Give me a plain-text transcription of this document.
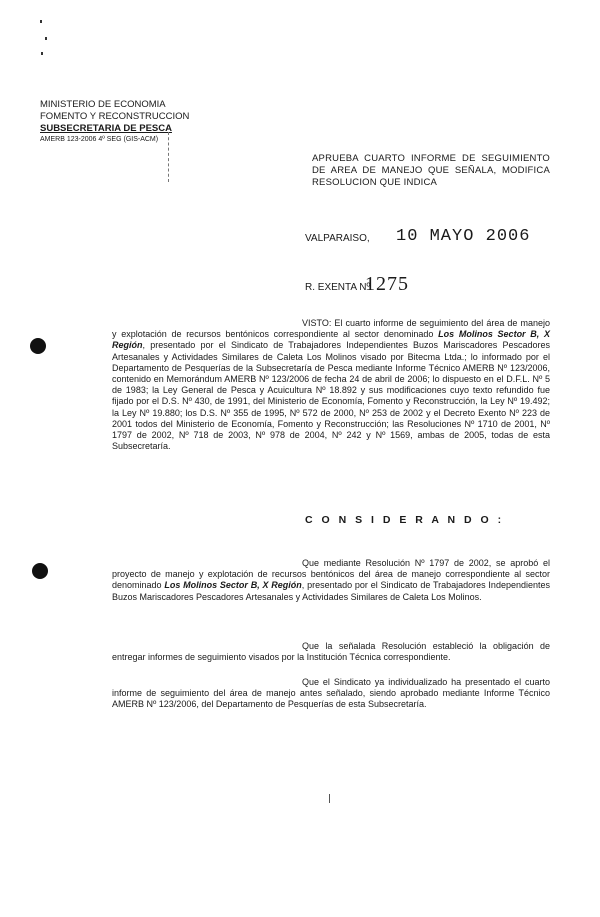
MINISTERIO DE ECONOMIA
FOMENTO Y RECONSTRUCCION
SUBSECRETARIA DE PESCA
AMERB 123-2006 4º SEG (GIS-ACM)
APRUEBA CUARTO INFORME DE SEGUIMIENTO DE AREA DE MANEJO QUE SEÑALA, MODIFICA RESOLUCION QUE INDICA
VALPARAISO, 10 MAYO 2006
R. EXENTA Nº
1275
VISTO: El cuarto informe de seguimiento del área de manejo y explotación de recursos bentónicos correspondiente al sector denominado Los Molinos Sector B, X Región, presentado por el Sindicato de Trabajadores Independientes Buzos Mariscadores Pescadores Artesanales y Actividades Similares de Caleta Los Molinos visado por Bitecma Ltda.; lo informado por el Departamento de Pesquerías de la Subsecretaría de Pesca mediante Informe Técnico AMERB Nº 123/2006, contenido en Memorándum AMERB Nº 123/2006 de fecha 24 de abril de 2006; lo dispuesto en el D.F.L. Nº 5 de 1983; la Ley General de Pesca y Acuicultura Nº 18.892 y sus modificaciones cuyo texto refundido fue fijado por el D.S. Nº 430, de 1991, del Ministerio de Economía, Fomento y Reconstrucción, la Ley Nº 19.492; la Ley Nº 19.880; los D.S. Nº 355 de 1995, Nº 572 de 2000, Nº 253 de 2002 y el Decreto Exento Nº 223 de 2001 todos del Ministerio de Economía, Fomento y Reconstrucción; las Resoluciones Nº 1710 de 2001, Nº 1797 de 2002, Nº 718 de 2003, Nº 978 de 2004, Nº 242 y Nº 1569, ambas de 2005, todas de esta Subsecretaría.
C O N S I D E R A N D O :
Que mediante Resolución Nº 1797 de 2002, se aprobó el proyecto de manejo y explotación de recursos bentónicos del área de manejo correspondiente al sector denominado Los Molinos Sector B, X Región, presentado por el Sindicato de Trabajadores Independientes Buzos Mariscadores Pescadores Artesanales y Actividades Similares de Caleta Los Molinos.
Que la señalada Resolución estableció la obligación de entregar informes de seguimiento visados por la Institución Técnica correspondiente.
Que el Sindicato ya individualizado ha presentado el cuarto informe de seguimiento del área de manejo antes señalado, siendo aprobado mediante Informe Técnico AMERB Nº 123/2006, del Departamento de Pesquerías de esta Subsecretaría.
